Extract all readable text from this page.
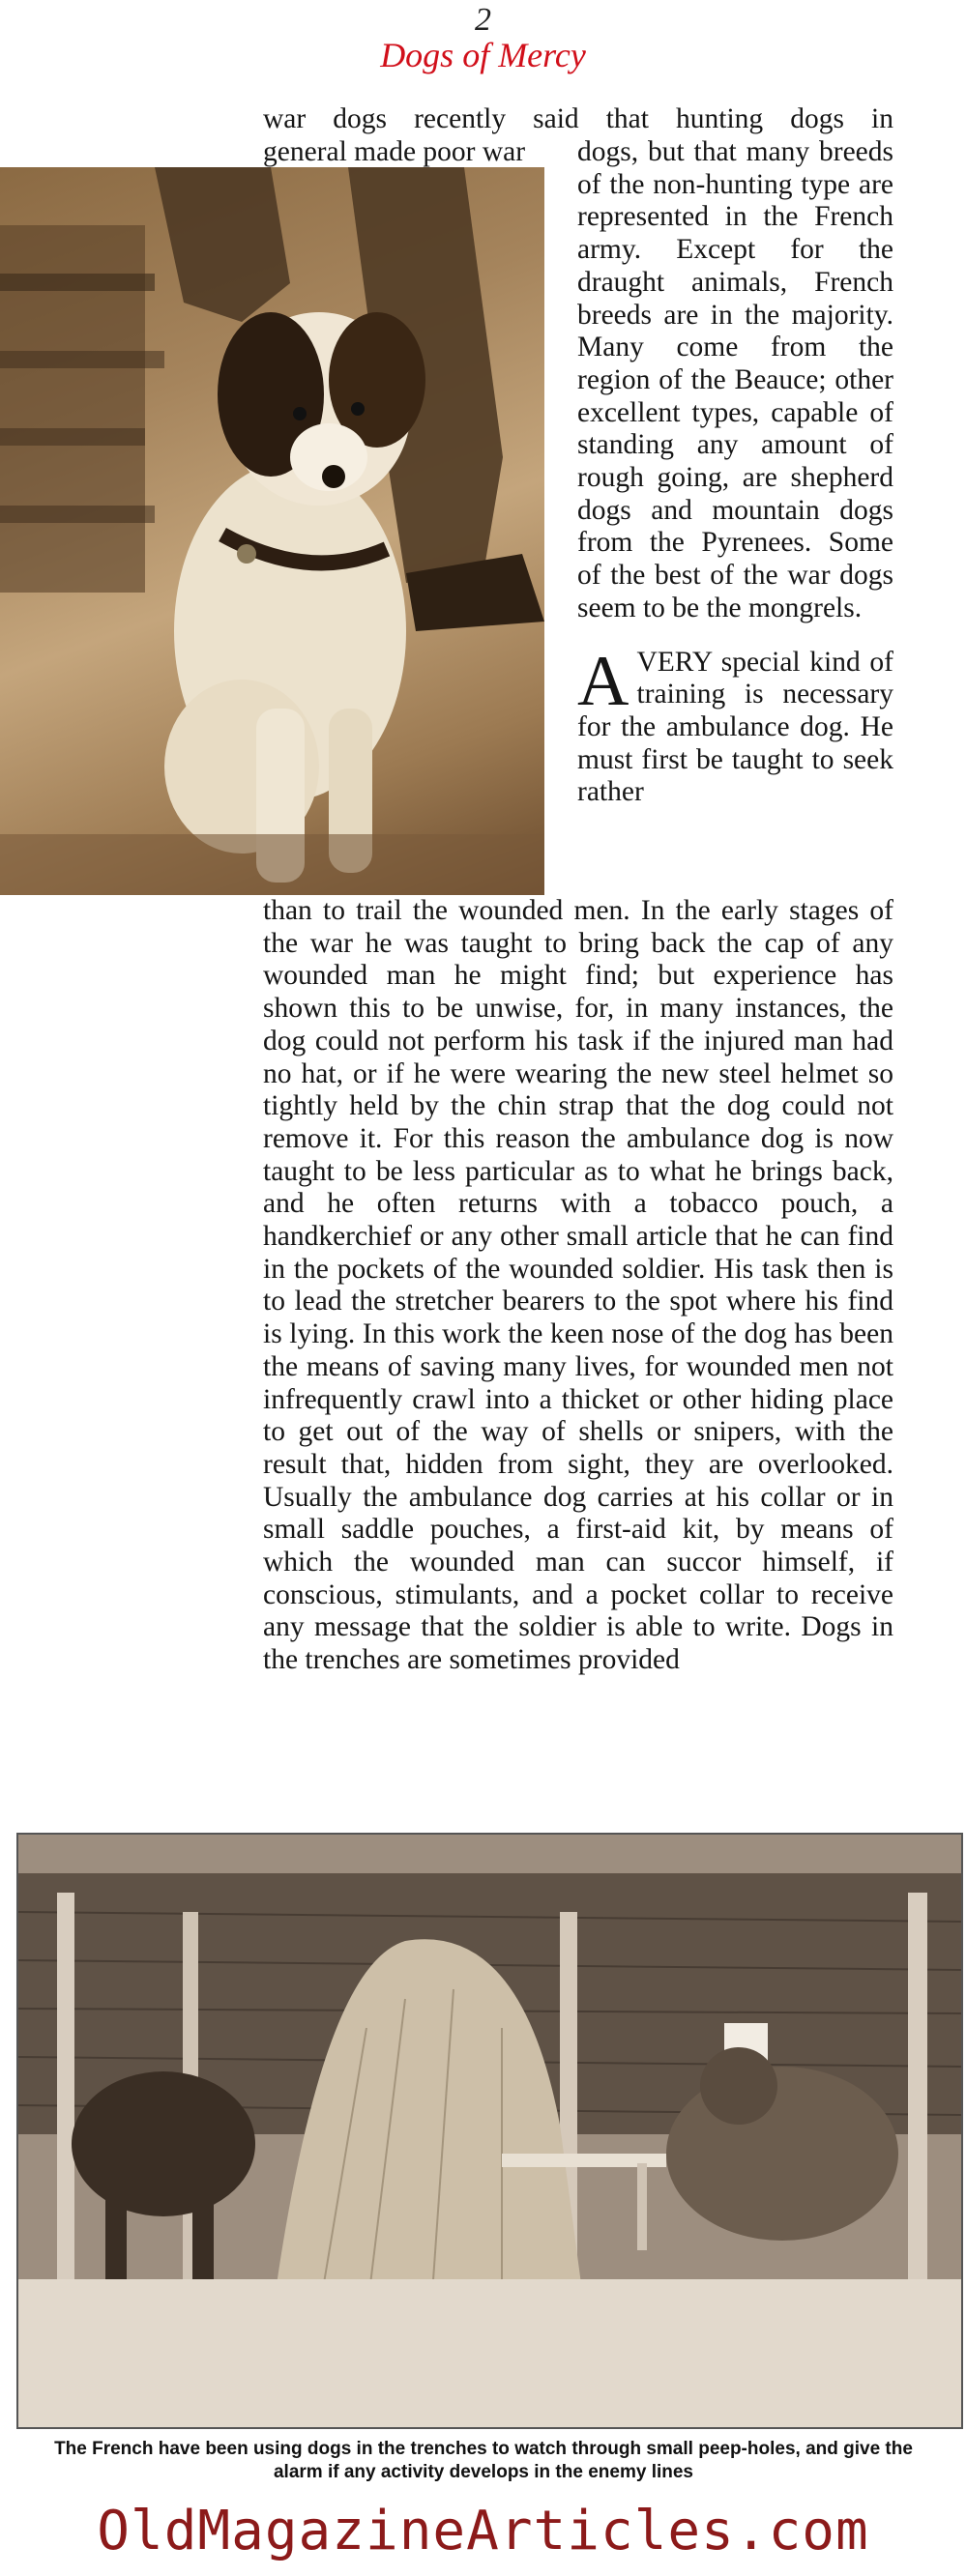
2
Dogs of Mercy

war dogs recently said that hunting dogs in

general made poor war	dogs, but that many breeds of the non-hunting type are represented in the French army. Except for the draught animals, French breeds are in the majority. Many come from the region of the Beauce; other excellent types, capable of standing any amount of rough going, are shepherd dogs and mountain dogs from the Pyrenees. Some of the best of the war dogs seem to be the mongrels.

AVERY special kind of training is necessary for the ambulance dog. He must first be taught to seek rather

than to trail the wounded men. In the early stages of the war he was taught to bring back the cap of any wounded man he might find; but experience has shown this to be unwise, for, in many instances, the dog could not perform his task if the injured man had no hat, or if he were wearing the new steel helmet so tightly held by the chin strap that the dog could not remove it. For this reason the ambulance dog is now taught to be less particular as to what he brings back, and he often returns with a tobacco pouch, a handkerchief or any other small article that he can find in the pockets of the wounded soldier. His task then is to lead the stretcher bearers to the spot where his find is lying. In this work the keen nose of the dog has been the means of saving many lives, for wounded men not infrequently crawl into a thicket or other hiding place to get out of the way of shells or snipers, with the result that, hidden from sight, they are overlooked. Usually the ambulance dog carries at his collar or in small saddle pouches, a first-aid kit, by means of which the wounded man can succor himself, if conscious, stimulants, and a pocket collar to receive any message that the soldier is able to write. Dogs in the trenches are sometimes provided

The French have been using dogs in the trenches to watch through small peep-holes, and give the alarm if any activity develops in the enemy lines
OldMagazineArticles.com
